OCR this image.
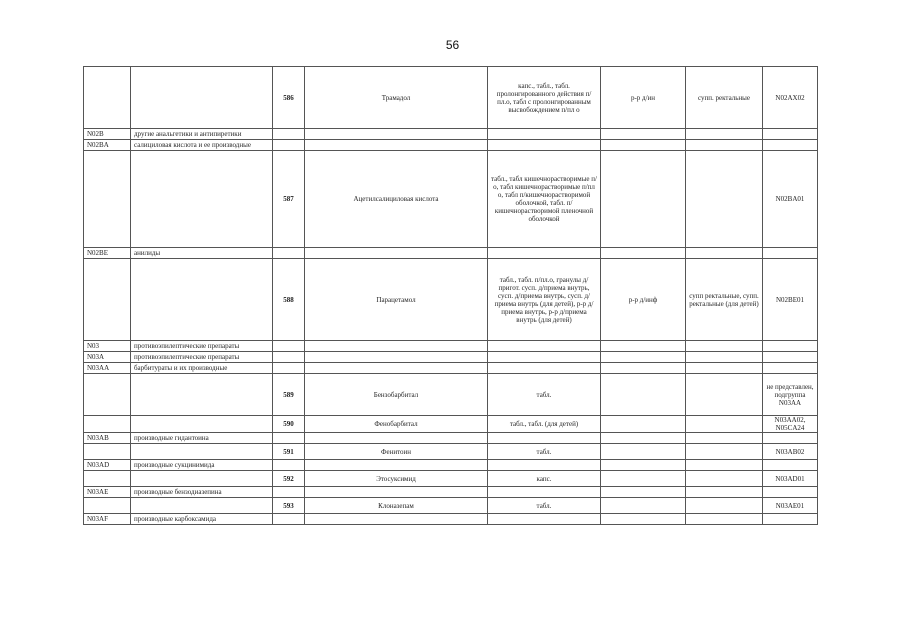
56
		586	Трамадол	капс., табл., табл. пролонгированного действия п/пл.о, табл с пролонгированным высвобождением п/пл о	р-р д/ин	супп. ректальные	N02AX02
N02B	другие анальгетики и антипиретики						
N02BA	салициловая кислота и ее производные						
		587	Ацетилсалициловая кислота	табл., табл кишечнорастворимые п/о, табл кишечнорастворимые п/пл о, табл п/кишечнорастворимой оболочкой, табл. п/кишечнорастворимой пленочной оболочкой			N02BA01
N02BE	анилиды						
		588	Парацетамол	табл., табл. п/пл.о, гранулы д/пригот. сусп. д/приема внутрь, сусп. д/приема внутрь, сусп. д/приема внутрь (для детей), р-р д/приема внутрь, р-р д/приема внутрь (для детей)	р-р д/инф	супп ректальные, супп. ректальные (для детей)	N02BE01
N03	противоэпилептические препараты						
N03A	противоэпилептические препараты						
N03AA	барбитураты и их производные						
		589	Бензобарбитал	табл.			не представлен, подгруппа N03AA
		590	Фенобарбитал	табл., табл. (для детей)			N03AA02, N05CA24
N03AB	производные гидантоина						
		591	Фенитоин	табл.			N03AB02
N03AD	производные сукцинимида						
		592	Этосуксимид	капс.			N03AD01
N03AE	производные бензодиазепина						
		593	Клоназепам	табл.			N03AE01
N03AF	производные карбоксамида						
